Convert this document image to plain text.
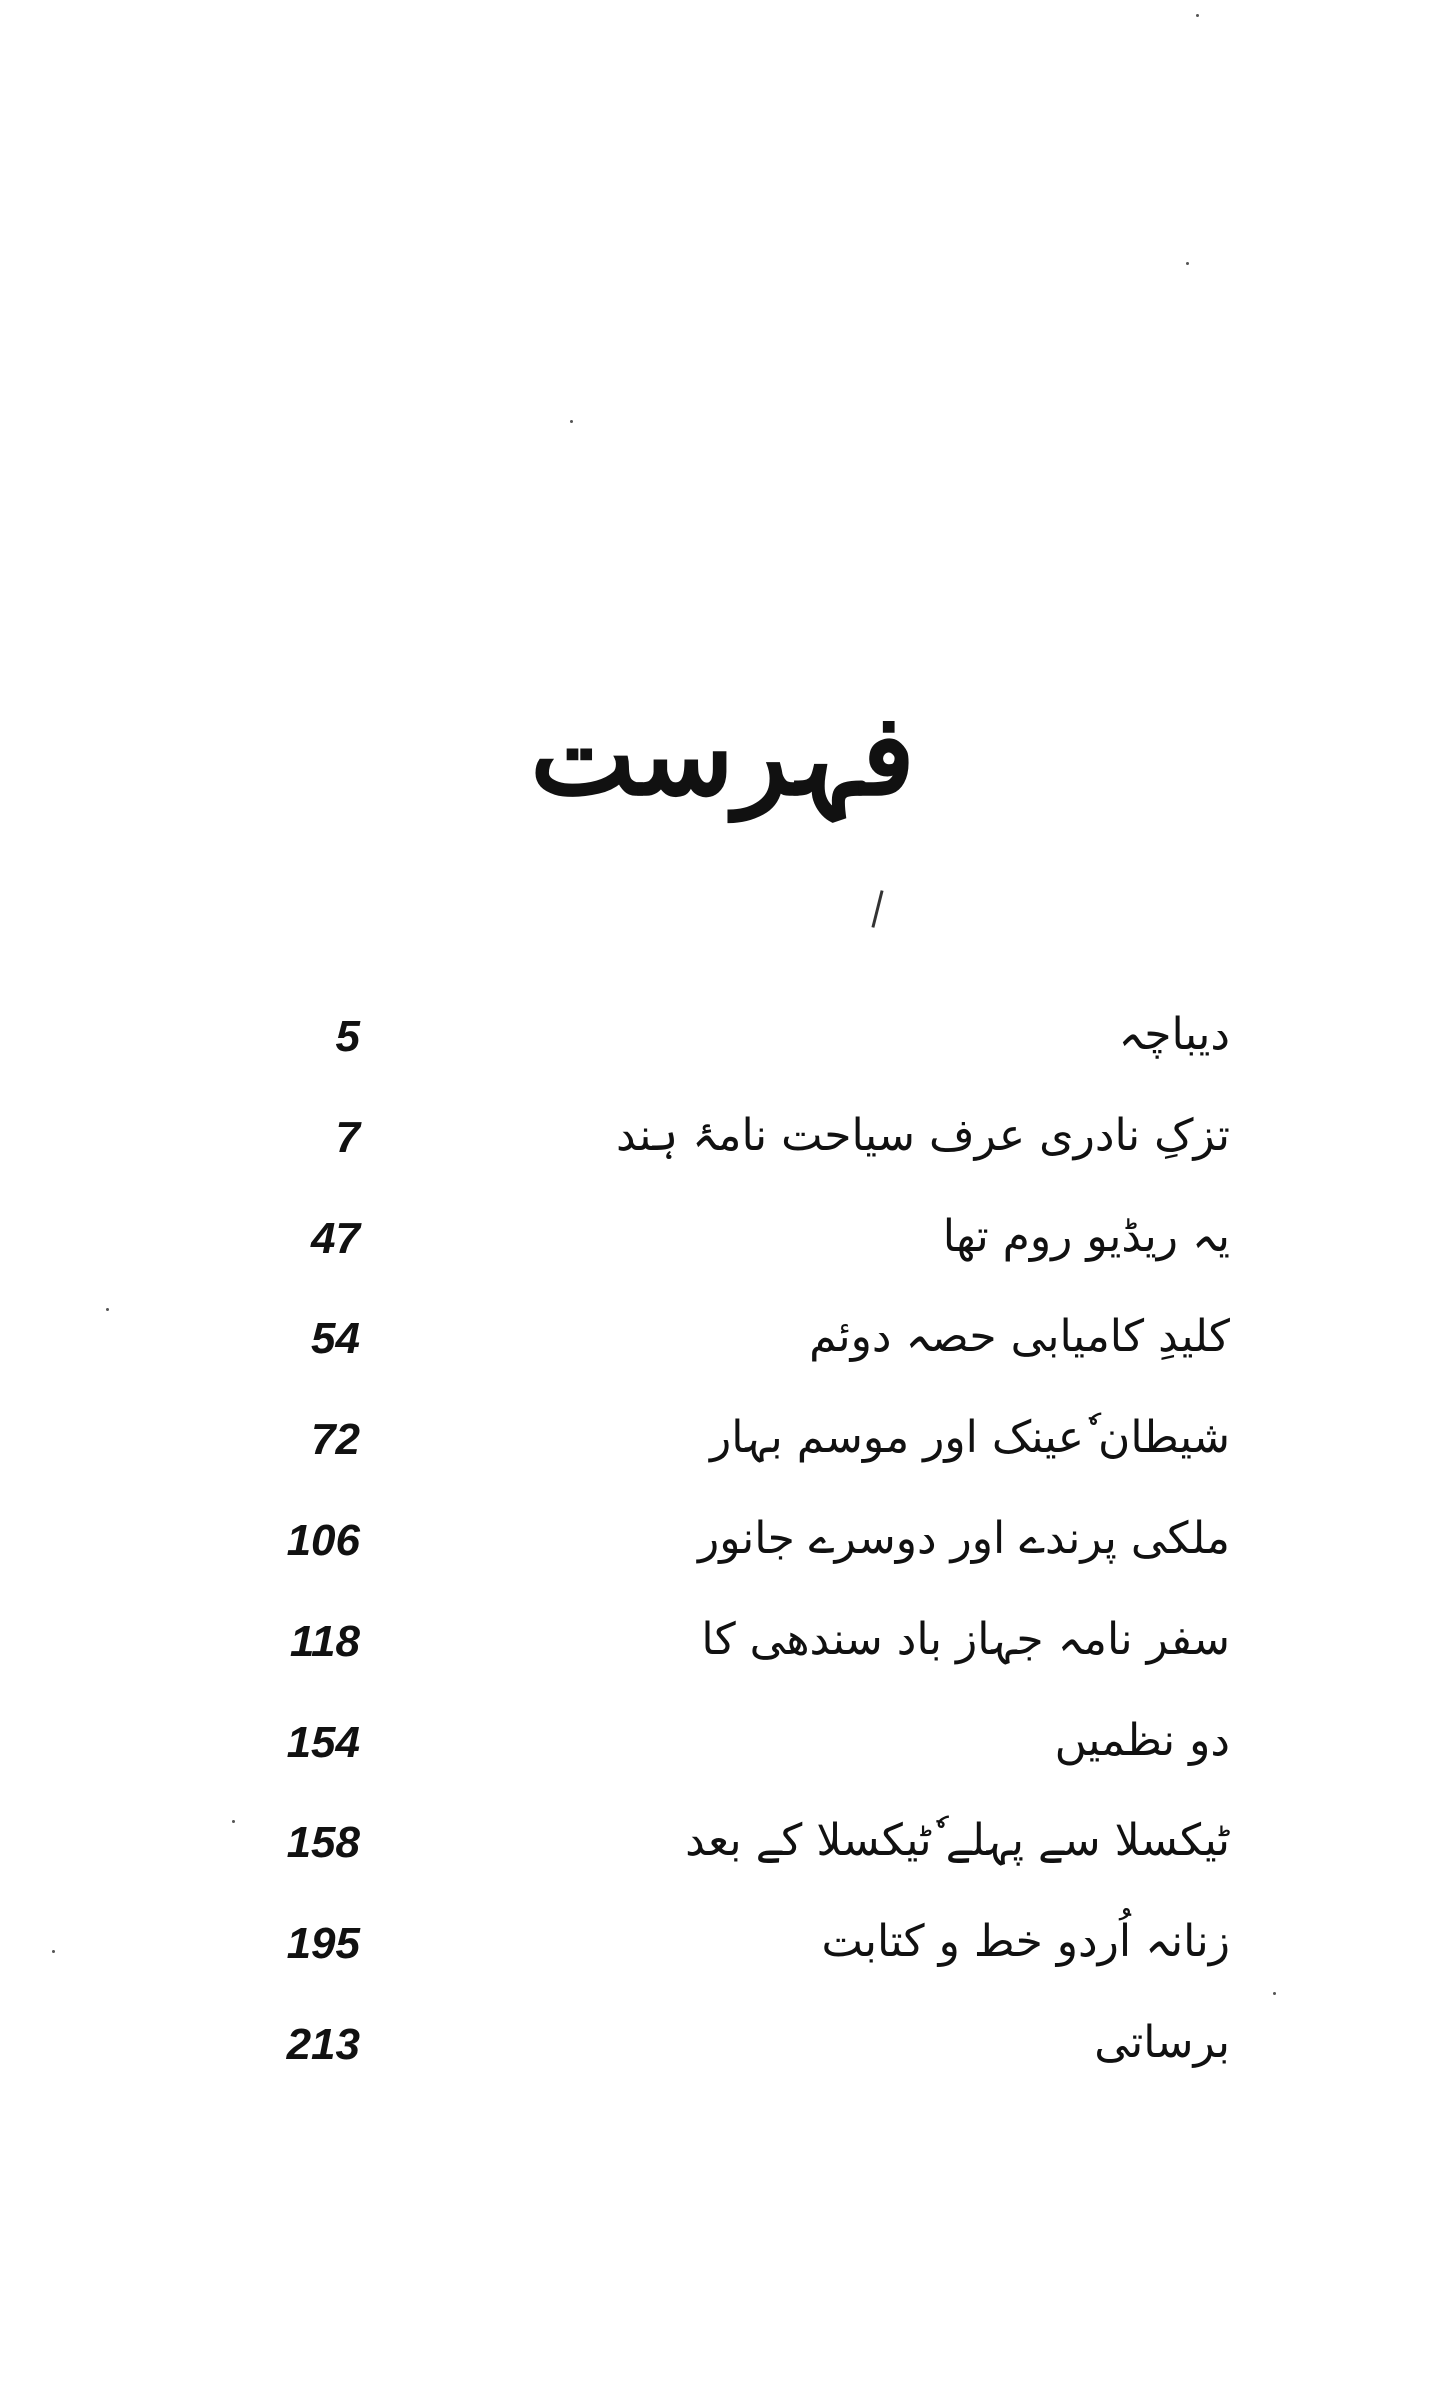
فہرست
دیباچہ
5
تزکِ نادری عرف سیاحت نامۂ ہند
7
یہ ریڈیو روم تھا
47
کلیدِ کامیابی حصہ دوئم
54
شیطان ٗعینک اور موسم بہار
72
ملکی پرندے اور دوسرے جانور
106
سفر نامہ جہاز باد سندھی کا
118
دو نظمیں
154
ٹیکسلا سے پہلے ٗٹیکسلا کے بعد
158
زنانہ اُردو خط و کتابت
195
برساتی
213
